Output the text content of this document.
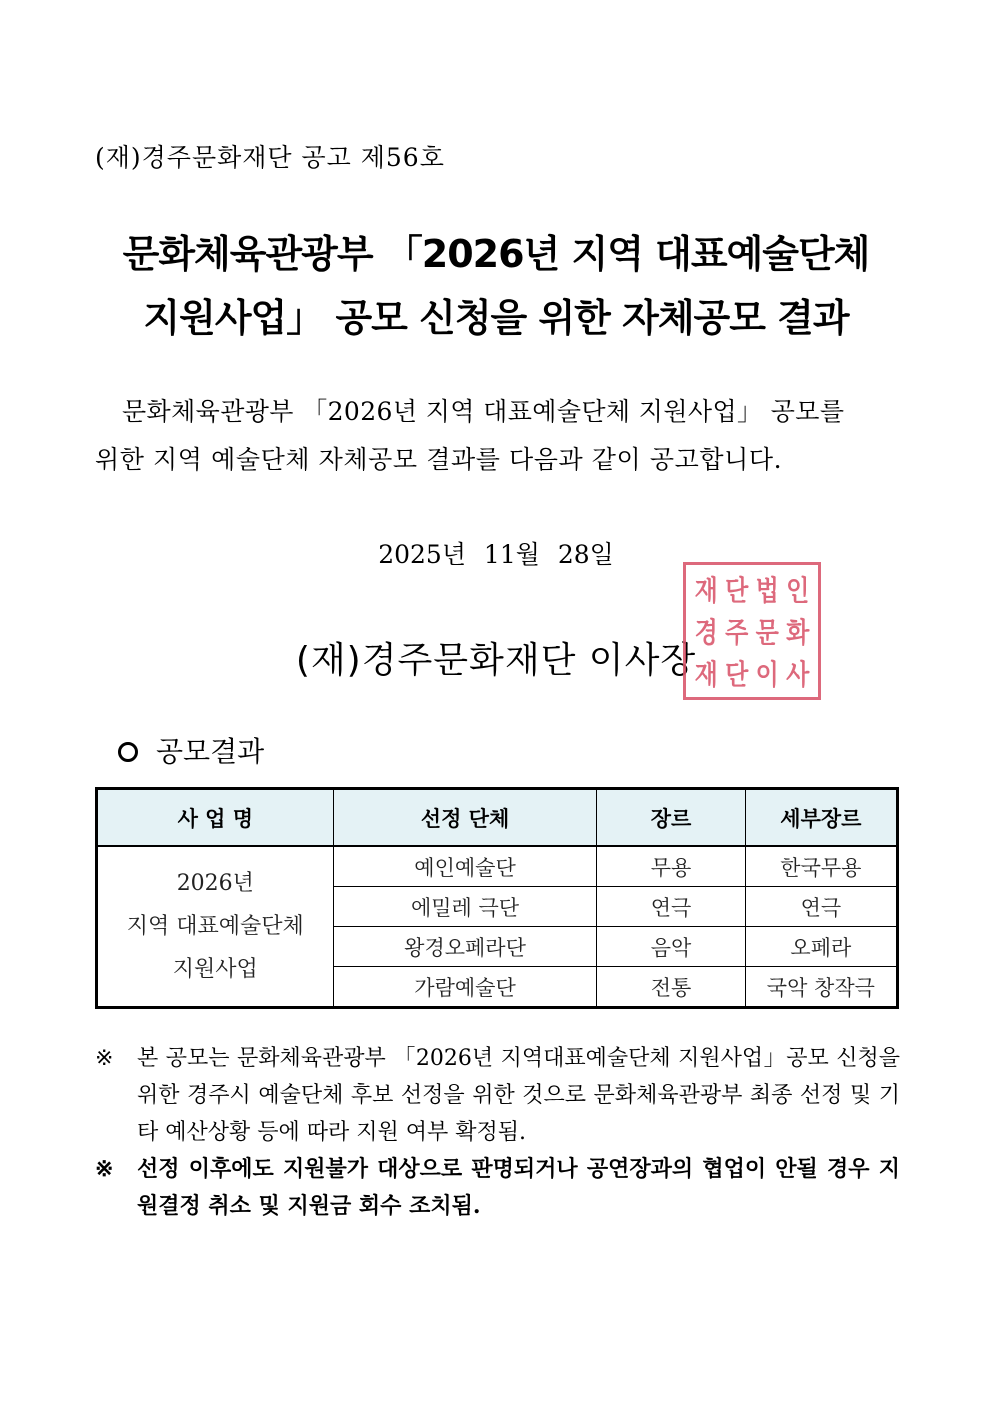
(재)경주문화재단 공고 제56호
문화체육관광부 「2026년 지역 대표예술단체
지원사업」 공모 신청을 위한 자체공모 결과
문화체육관광부 「2026년 지역 대표예술단체 지원사업」 공모를
위한 지역 예술단체 자체공모 결과를 다음과 같이 공고합니다.
2025년 11월 28일
(재)경주문화재단 이사장
재 단 법 인
경 주 문 화
재 단 이 사
공모결과
사 업 명	선정 단체	장르	세부장르

2026년
지역 대표예술단체
지원사업	예인예술단	무용	한국무용
	에밀레 극단	연극	연극
	왕경오페라단	음악	오페라
	가람예술단	전통	국악 창작극

※ 본 공모는 문화체육관광부 「2026년 지역대표예술단체 지원사업」공모 신청을 위한 경주시 예술단체 후보 선정을 위한 것으로 문화체육관광부 최종 선정 및 기타 예산상황 등에 따라 지원 여부 확정됨.

※ 선정 이후에도 지원불가 대상으로 판명되거나 공연장과의 협업이 안될 경우 지원결정 취소 및 지원금 회수 조치됨.
